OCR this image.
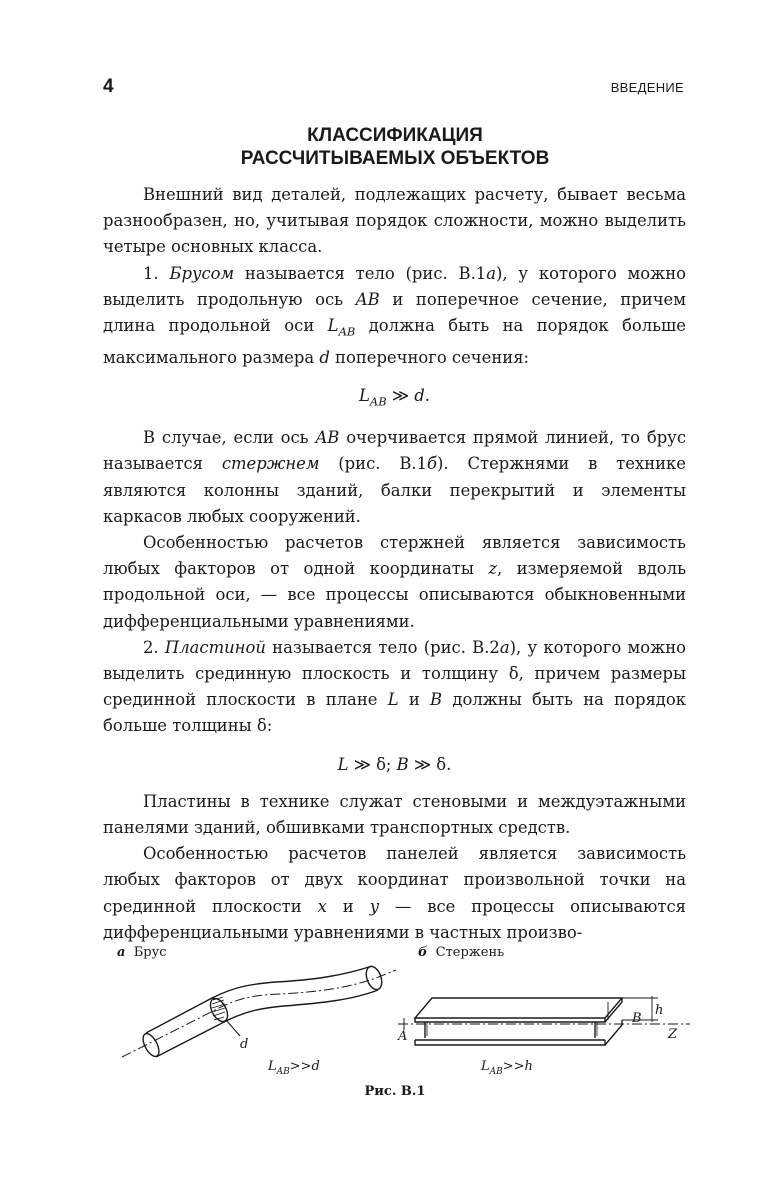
4	ВВЕДЕНИЕ
КЛАССИФИКАЦИЯ
РАССЧИТЫВАЕМЫХ ОБЪЕКТОВ

Внешний вид деталей, подлежащих расчету, бывает весьма разнообразен, но, учитывая порядок сложности, можно выделить четыре основных класса.

1. Брусом называется тело (рис. В.1а), у которого можно выделить продольную ось AB и поперечное сечение, причем длина продольной оси $L_{AB}$ должна быть на порядок больше максимального размера d поперечного сечения:

$L_{AB}$ ≫ d.

В случае, если ось AB очерчивается прямой линией, то брус называется стержнем (рис. В.1б). Стержнями в технике являются колонны зданий, балки перекрытий и элементы каркасов любых сооружений.

Особенностью расчетов стержней является зависимость любых факторов от одной координаты z, измеряемой вдоль продольной оси, — все процессы описываются обыкновенными дифференциальными уравнениями.

2. Пластиной называется тело (рис. В.2а), у которого можно выделить срединную плоскость и толщину δ, причем размеры срединной плоскости в плане L и B должны быть на порядок больше толщины δ:

L ≫ δ; B ≫ δ.

Пластины в технике служат стеновыми и междуэтажными панелями зданий, обшивками транспортных средств.

Особенностью расчетов панелей является зависимость любых факторов от двух координат произвольной точки на срединной плоскости x и y — все процессы описываются дифференциальными уравнениями в частных произво-

а Брус	б Стержень
d
$L_{AB}>>d$
A
B
h
Z
$L_{AB}>>h$
Рис. В.1
